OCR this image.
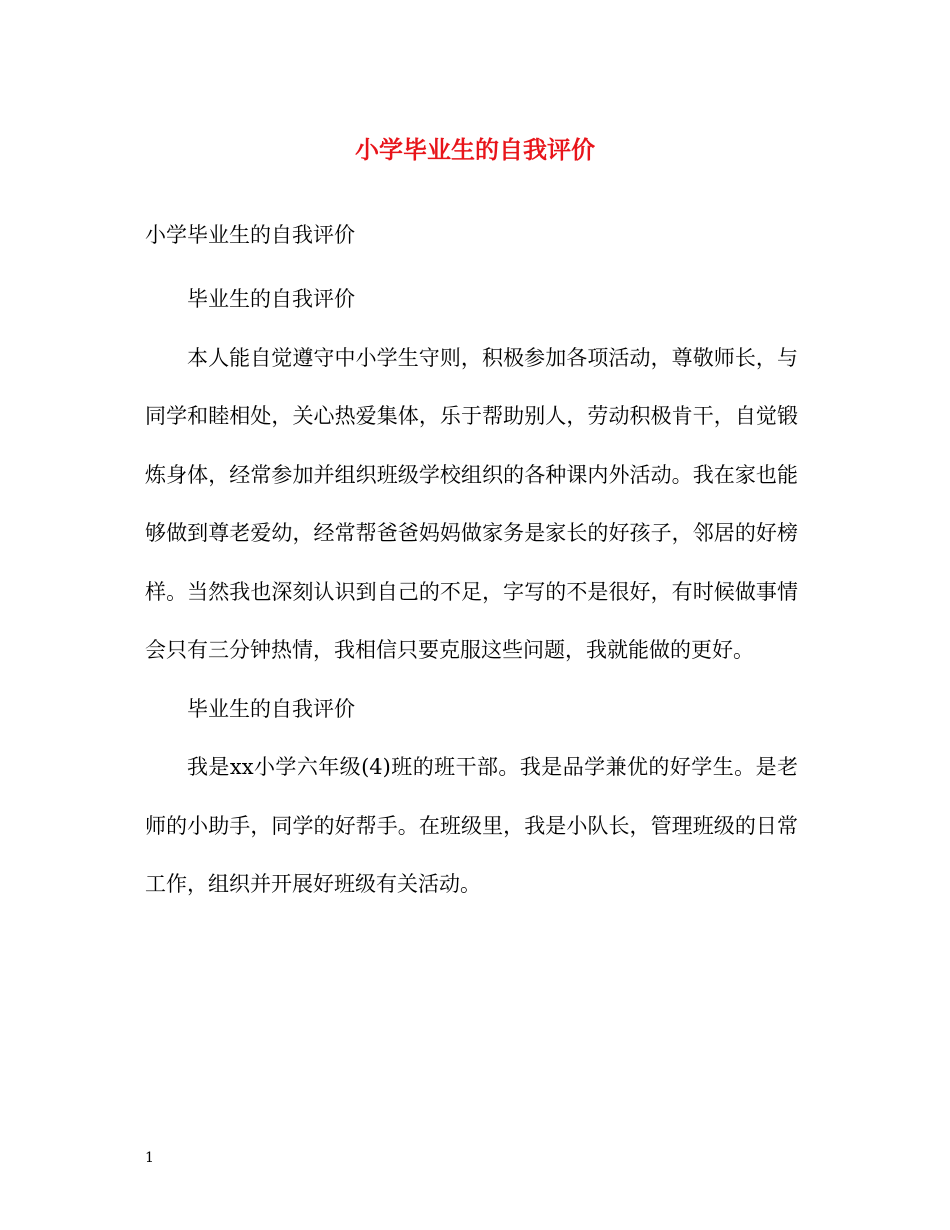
小学毕业生的自我评价

小学毕业生的自我评价

毕业生的自我评价

本人能自觉遵守中小学生守则，积极参加各项活动，尊敬师长，与同学和睦相处，关心热爱集体，乐于帮助别人，劳动积极肯干，自觉锻炼身体，经常参加并组织班级学校组织的各种课内外活动。我在家也能够做到尊老爱幼，经常帮爸爸妈妈做家务是家长的好孩子，邻居的好榜样。当然我也深刻认识到自己的不足，字写的不是很好，有时候做事情会只有三分钟热情，我相信只要克服这些问题，我就能做的更好。

毕业生的自我评价

我是xx小学六年级(4)班的班干部。我是品学兼优的好学生。是老师的小助手，同学的好帮手。在班级里，我是小队长，管理班级的日常工作，组织并开展好班级有关活动。

1
